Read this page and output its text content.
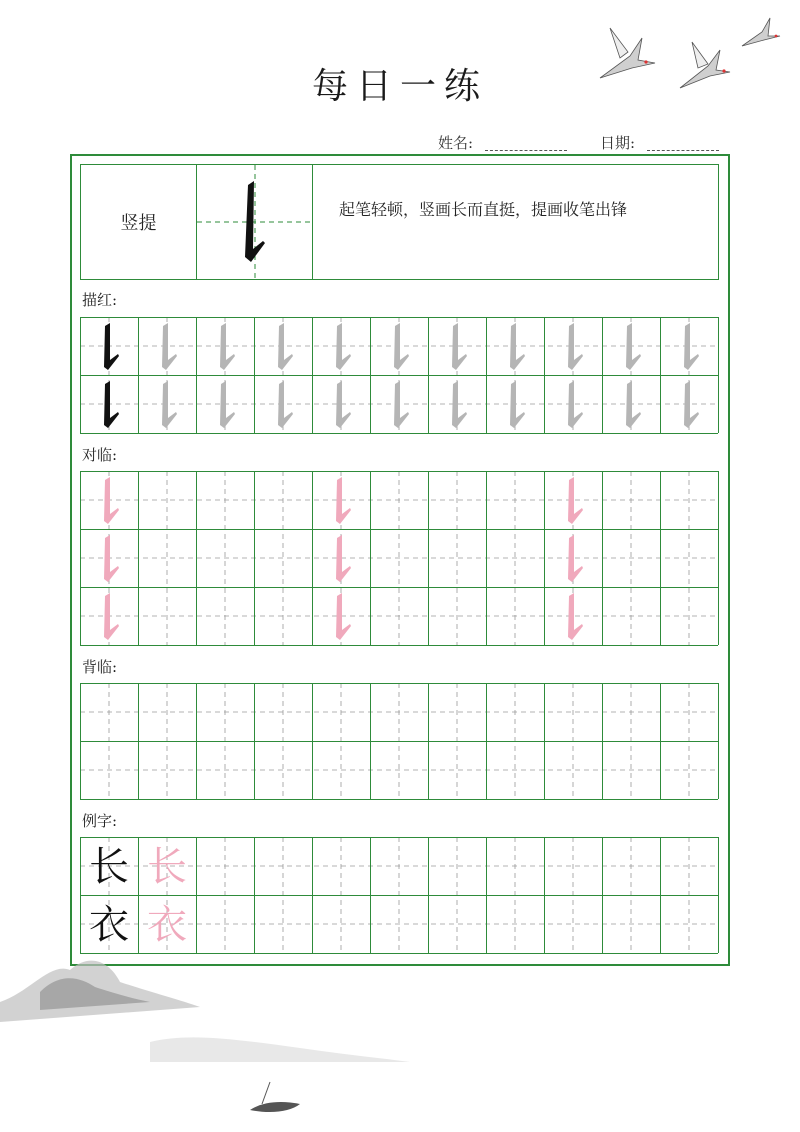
每日一练
姓名:	日期:
竖提
起笔轻顿，竖画长而直挺，提画收笔出锋
描红:
对临:
背临:
例字:
长 长
衣 衣
